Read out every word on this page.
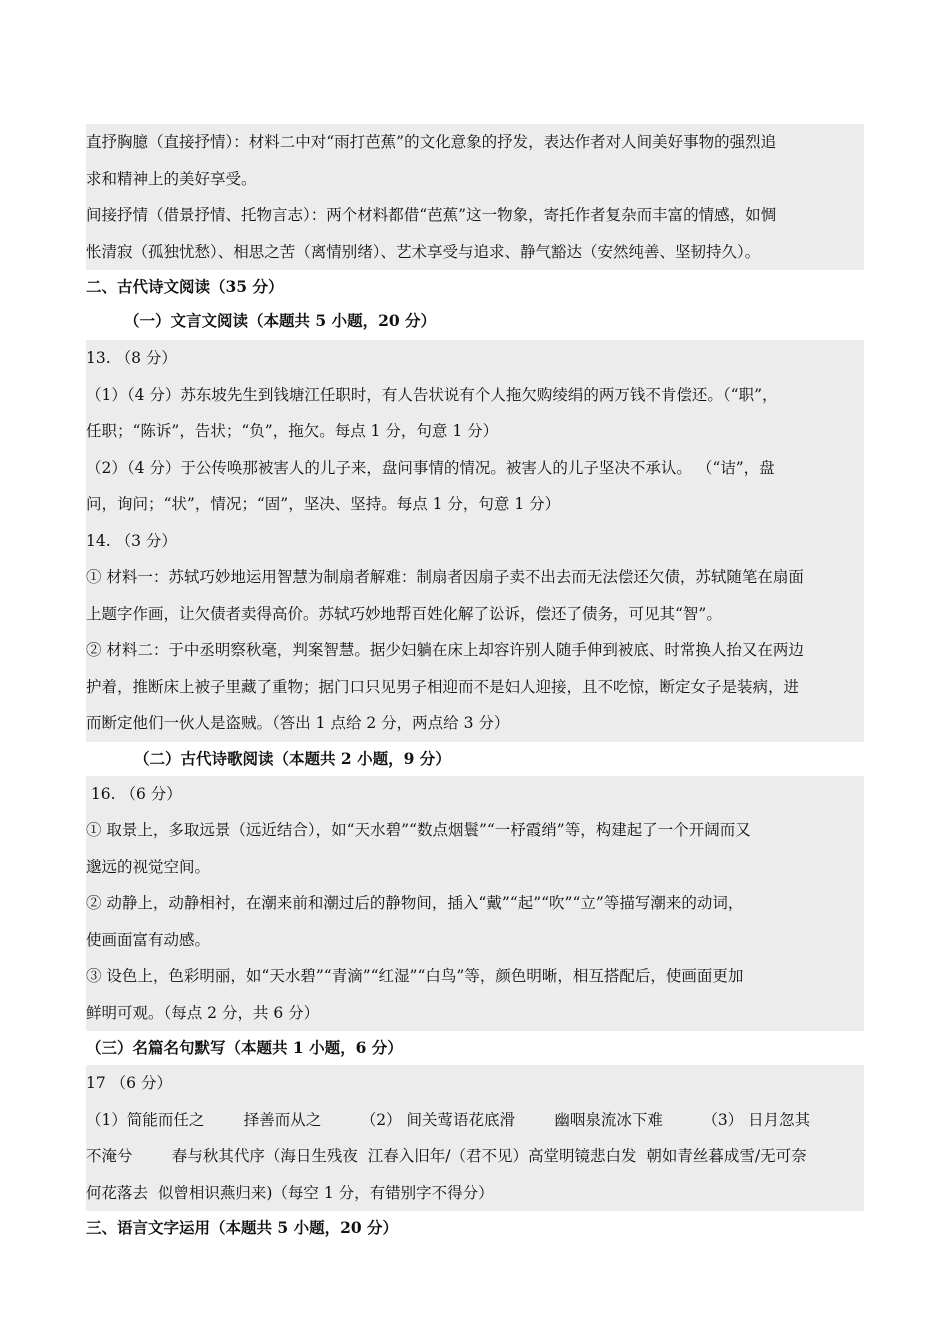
直抒胸臆（直接抒情）：材料二中对“雨打芭蕉”的文化意象的抒发，表达作者对人间美好事物的强烈追
求和精神上的美好享受。
间接抒情（借景抒情、托物言志）：两个材料都借“芭蕉”这一物象，寄托作者复杂而丰富的情感，如惆
怅清寂（孤独忧愁）、相思之苦（离情别绪）、艺术享受与追求、静气豁达（安然纯善、坚韧持久）。
二、古代诗文阅读（35 分）
（一）文言文阅读（本题共 5 小题，20 分）
13. （8 分）
（1）（4 分）苏东坡先生到钱塘江任职时，有人告状说有个人拖欠购绫绢的两万钱不肯偿还。（“职”，
任职；“陈诉”，告状；“负”，拖欠。每点 1 分，句意 1 分）
（2）（4 分）于公传唤那被害人的儿子来，盘问事情的情况。被害人的儿子坚决不承认。 （“诘”，盘
问，询问；“状”，情况；“固”，坚决、坚持。每点 1 分，句意 1 分）
14. （3 分）
① 材料一：苏轼巧妙地运用智慧为制扇者解难：制扇者因扇子卖不出去而无法偿还欠债，苏轼随笔在扇面
上题字作画，让欠债者卖得高价。苏轼巧妙地帮百姓化解了讼诉，偿还了债务，可见其“智”。
② 材料二：于中丞明察秋毫，判案智慧。据少妇躺在床上却容许别人随手伸到被底、时常换人抬又在两边
护着，推断床上被子里藏了重物；据门口只见男子相迎而不是妇人迎接，且不吃惊，断定女子是装病，进
而断定他们一伙人是盗贼。（答出 1 点给 2 分，两点给 3 分）
（二）古代诗歌阅读（本题共 2 小题，9 分）
16. （6 分）
① 取景上，多取远景（远近结合），如“天水碧”“数点烟鬟”“一杼霞绡”等，构建起了一个开阔而又
邈远的视觉空间。
② 动静上，动静相衬，在潮来前和潮过后的静物间，插入“戴”“起”“吹”“立”等描写潮来的动词，
使画面富有动感。
③ 设色上，色彩明丽，如“天水碧”“青滴”“红湿”“白鸟”等，颜色明晰，相互搭配后，使画面更加
鲜明可观。（每点 2 分，共 6 分）
（三）名篇名句默写（本题共 1 小题，6 分）
17 （6 分）
（1）简能而任之        择善而从之        （2） 间关莺语花底滑        幽咽泉流冰下难        （3） 日月忽其
不淹兮        春与秋其代序（海日生残夜  江春入旧年/（君不见）高堂明镜悲白发  朝如青丝暮成雪/无可奈
何花落去  似曾相识燕归来)（每空 1 分，有错别字不得分）
三、语言文字运用（本题共 5 小题，20 分）
